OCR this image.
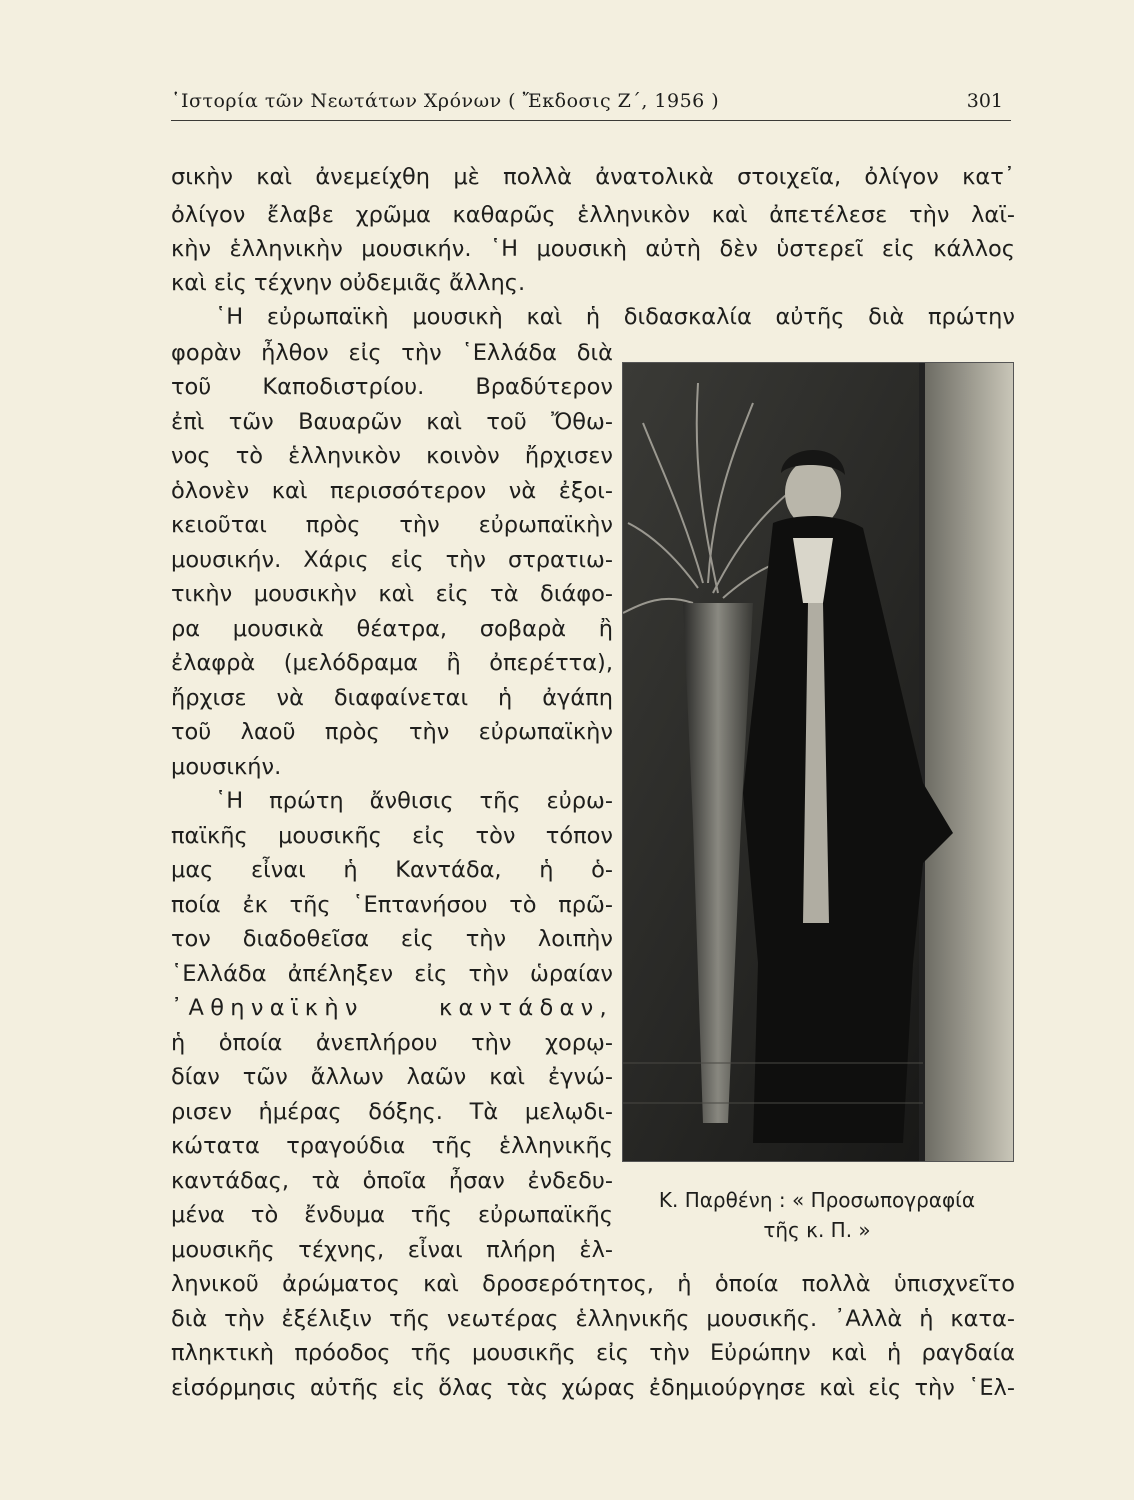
῾Ιστορία τῶν Νεωτάτων Χρόνων ( Ἔκδοσις Ζ΄, 1956 )	301
σικὴν καὶ ἀνεμείχθη μὲ πολλὰ ἀνατολικὰ στοιχεῖα, ὀλίγον κατ᾽
ὀλίγον ἔλαβε χρῶμα καθαρῶς ἑλληνικὸν καὶ ἀπετέλεσε τὴν λαϊ-
κὴν ἑλληνικὴν μουσικήν. ῾Η μουσικὴ αὐτὴ δὲν ὑστερεῖ εἰς κάλλος
καὶ εἰς τέχνην οὐδεμιᾶς ἄλλης.
῾Η εὐρωπαϊκὴ μουσικὴ καὶ ἡ διδασκαλία αὐτῆς διὰ πρώτην
φορὰν ἦλθον εἰς τὴν ῾Ελλάδα διὰ
τοῦ Καποδιστρίου. Βραδύτερον
ἐπὶ τῶν Βαυαρῶν καὶ τοῦ Ὄθω-
νος τὸ ἑλληνικὸν κοινὸν ἤρχισεν
ὁλονὲν καὶ περισσότερον νὰ ἐξοι-
κειοῦται πρὸς τὴν εὐρωπαϊκὴν
μουσικήν. Χάρις εἰς τὴν στρατιω-
τικὴν μουσικὴν καὶ εἰς τὰ διάφο-
ρα μουσικὰ θέατρα, σοβαρὰ ἢ
ἐλαφρὰ (μελόδραμα ἢ ὀπερέττα),
ἤρχισε νὰ διαφαίνεται ἡ ἀγάπη
τοῦ λαοῦ πρὸς τὴν εὐρωπαϊκὴν
μουσικήν.
῾Η πρώτη ἄνθισις τῆς εὐρω-
παϊκῆς μουσικῆς εἰς τὸν τόπον
μας εἶναι ἡ Καντάδα, ἡ ὁ-
ποία ἐκ τῆς ῾Επτανήσου τὸ πρῶ-
τον διαδοθεῖσα εἰς τὴν λοιπὴν
῾Ελλάδα ἀπέληξεν εἰς τὴν ὡραίαν
᾽Αθηναϊκὴν καντάδαν,
ἡ ὁποία ἀνεπλήρου τὴν χορῳ-
δίαν τῶν ἄλλων λαῶν καὶ ἐγνώ-
ρισεν ἡμέρας δόξης. Τὰ μελῳδι-
κώτατα τραγούδια τῆς ἑλληνικῆς
καντάδας, τὰ ὁποῖα ἦσαν ἐνδεδυ-
μένα τὸ ἔνδυμα τῆς εὐρωπαϊκῆς
μουσικῆς τέχνης, εἶναι πλήρη ἑλ-
ληνικοῦ ἀρώματος καὶ δροσερότητος, ἡ ὁποία πολλὰ ὑπισχνεῖτο
διὰ τὴν ἐξέλιξιν τῆς νεωτέρας ἑλληνικῆς μουσικῆς. ᾽Αλλὰ ἡ κατα-
πληκτικὴ πρόοδος τῆς μουσικῆς εἰς τὴν Εὐρώπην καὶ ἡ ραγδαία
εἰσόρμησις αὐτῆς εἰς ὅλας τὰς χώρας ἐδημιούργησε καὶ εἰς τὴν ῾Ελ-
Κ. Παρθένη : « Προσωπογραφία
τῆς κ. Π. »
